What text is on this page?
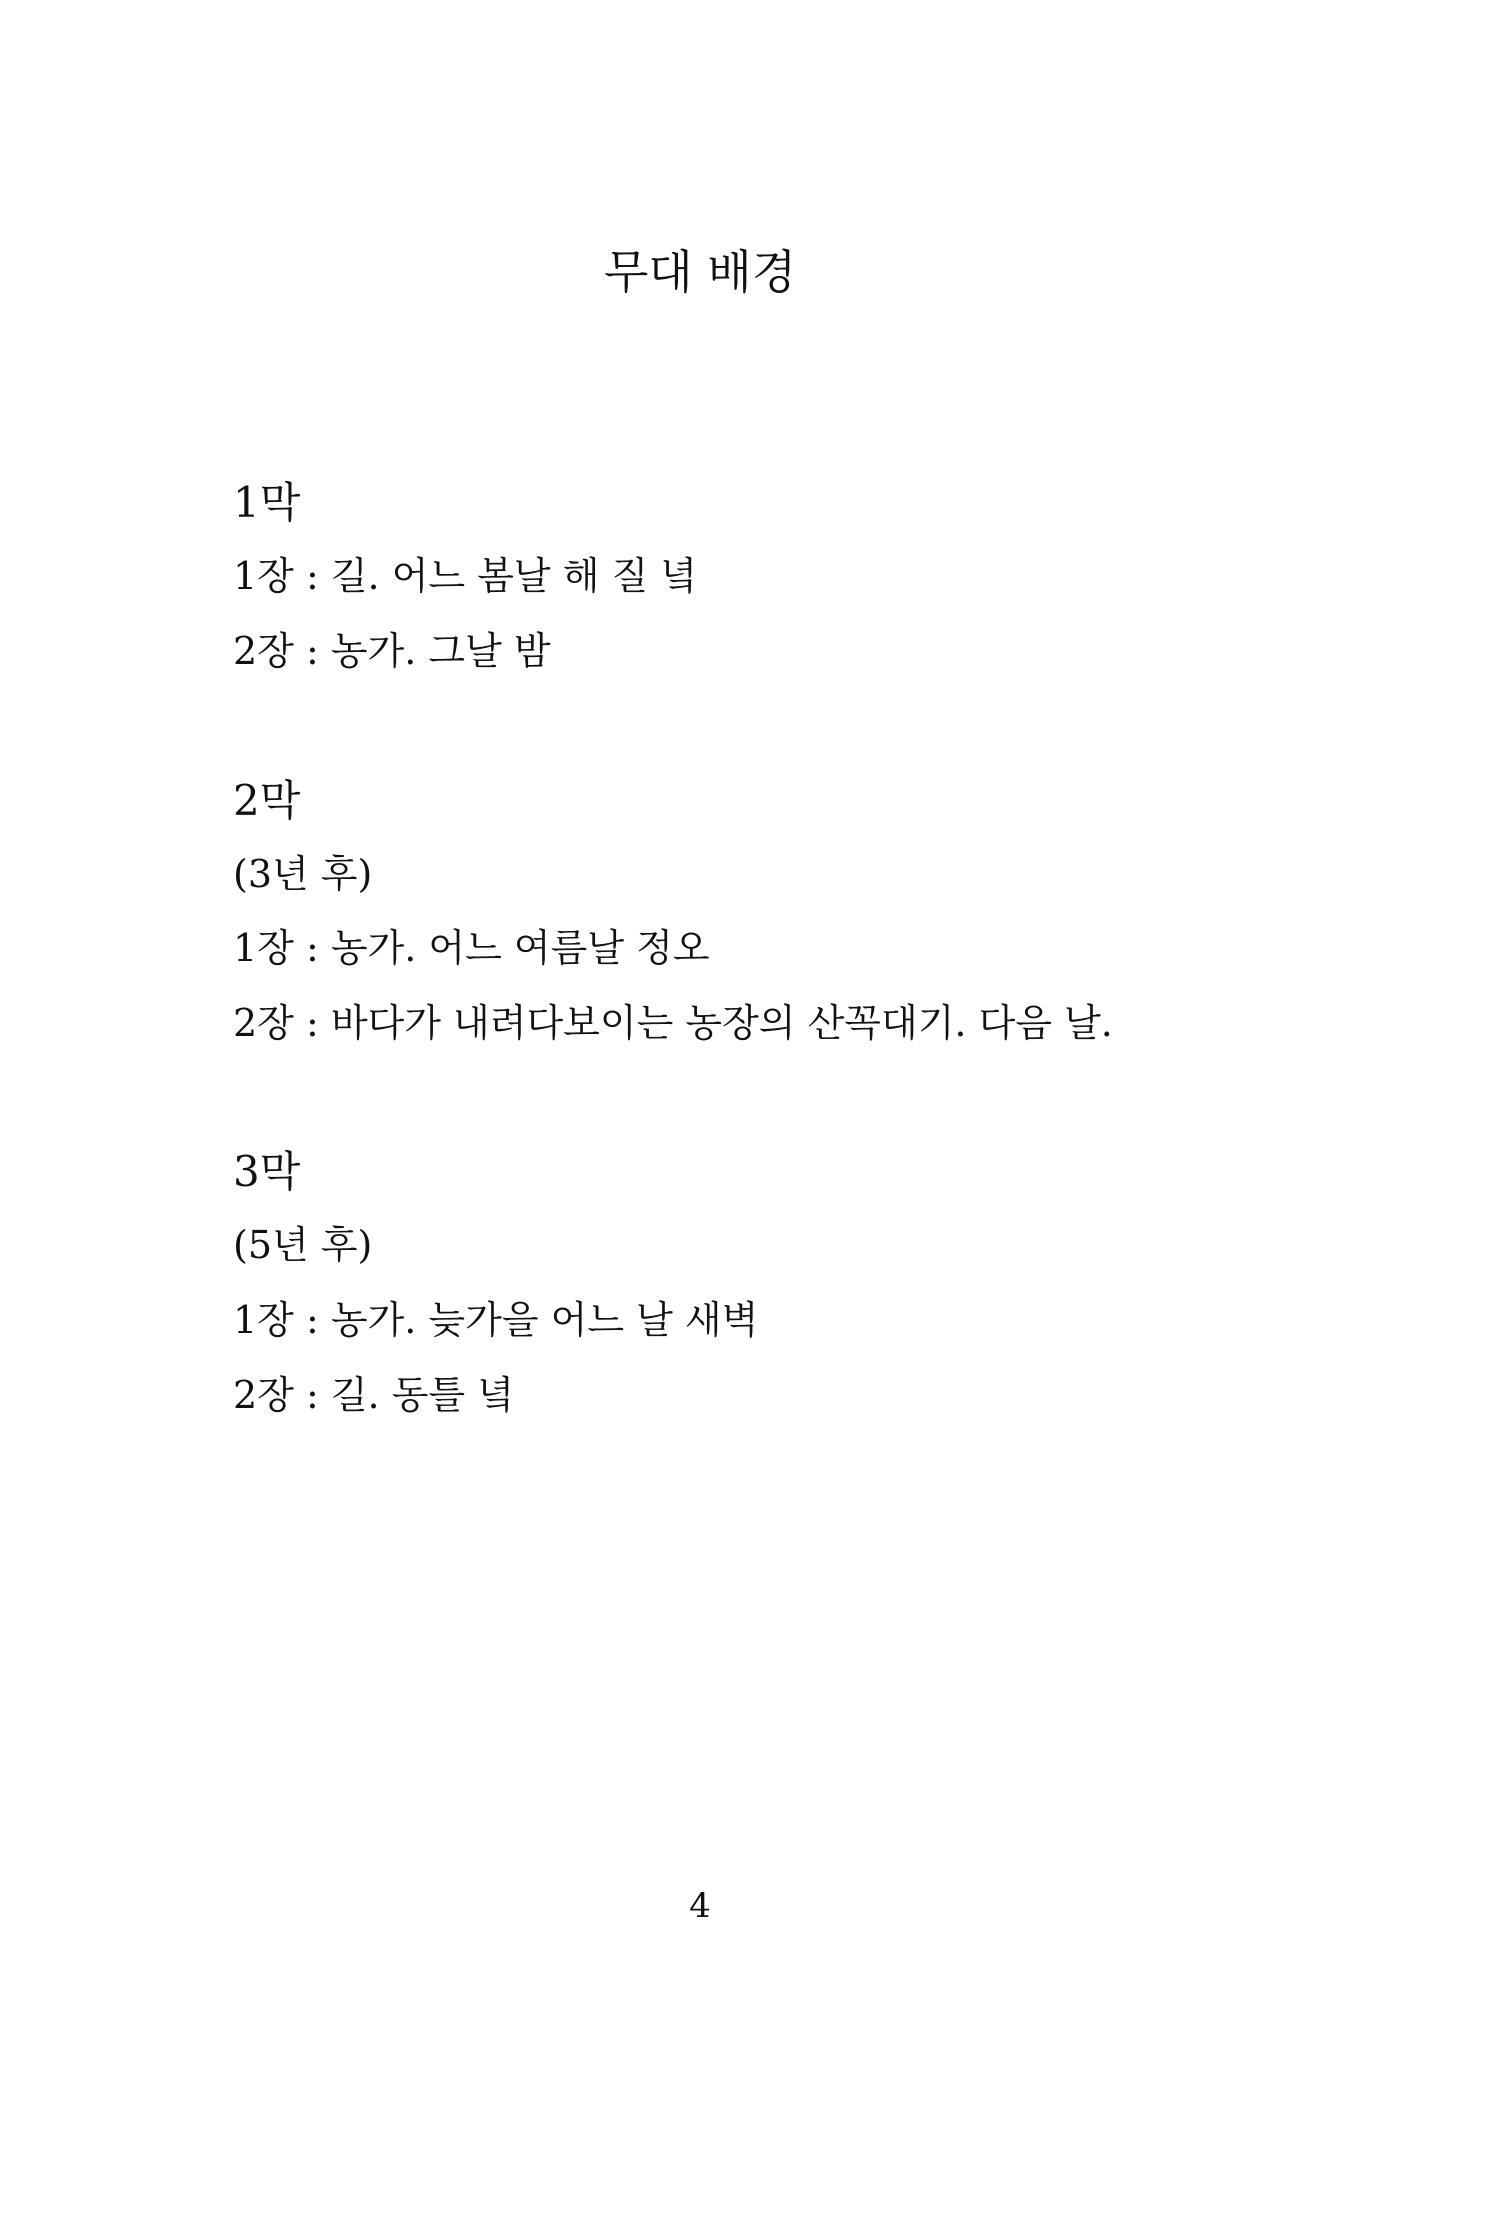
무대 배경
1막
1장 : 길. 어느 봄날 해 질 녘
2장 : 농가. 그날 밤
2막
(3년 후)
1장 : 농가. 어느 여름날 정오
2장 : 바다가 내려다보이는 농장의 산꼭대기. 다음 날.
3막
(5년 후)
1장 : 농가. 늦가을 어느 날 새벽
2장 : 길. 동틀 녘
4
